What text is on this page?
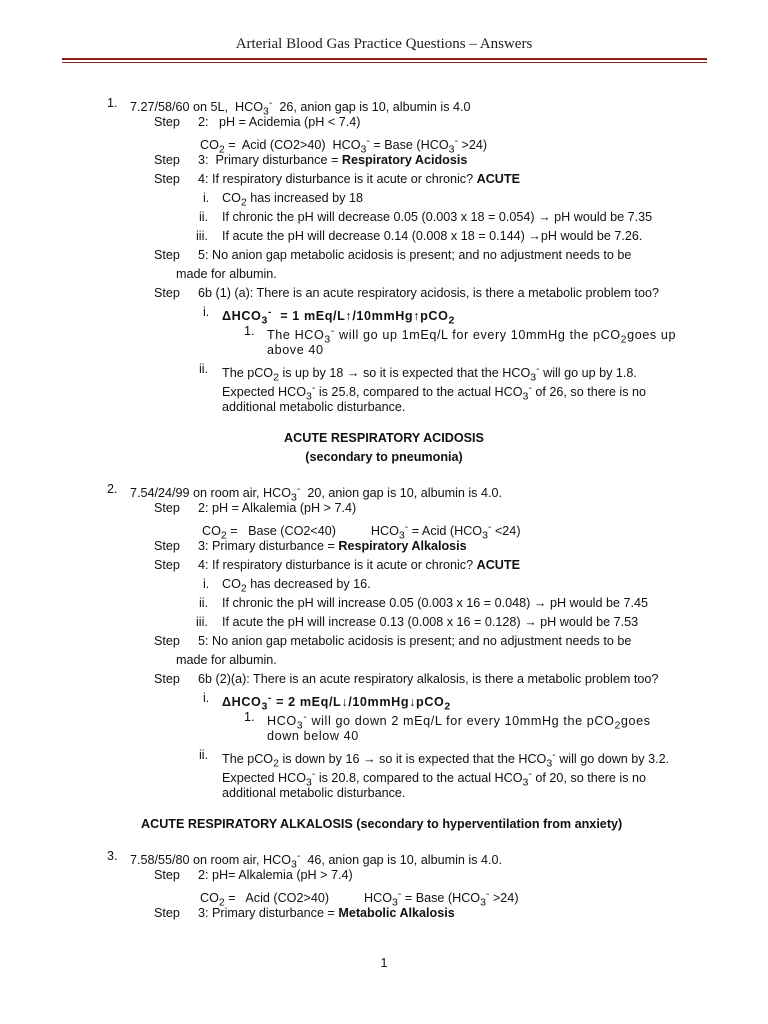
Arterial Blood Gas Practice Questions – Answers
1. 7.27/58/60 on 5L,  $HCO_3^-$  26, anion gap is 10, albumin is 4.0
Step 2:   pH = Acidemia (pH < 7.4)
$CO_2$ =  Acid (CO2>40)  $HCO_3^-$ = Base $(HCO_3^- >24)$
Step 3:  Primary disturbance = Respiratory Acidosis
Step 4: If respiratory disturbance is it acute or chronic? ACUTE
i. $CO_2$ has increased by 18
ii. If chronic the pH will decrease 0.05 (0.003 x 18 = 0.054) → pH would be 7.35
iii. If acute the pH will decrease 0.14 (0.008 x 18 = 0.144) →pH would be 7.26.
Step 5: No anion gap metabolic acidosis is present; and no adjustment needs to be
made for albumin.
Step 6b (1) (a): There is an acute respiratory acidosis, is there a metabolic problem too?
i. $\Delta HCO_3^- = 1$ mEq/L↑/10mmHg↑pCO$_2$
1. The $HCO_3^-$ will go up 1mEq/L for every 10mmHg the pCO$_2$goes up
above 40
ii. The pCO$_2$ is up by 18 → so it is expected that the $HCO_3^-$ will go up by 1.8.
Expected $HCO_3^-$ is 25.8, compared to the actual $HCO_3^-$ of 26, so there is no
additional metabolic disturbance.
ACUTE RESPIRATORY ACIDOSIS
(secondary to pneumonia)
2. 7.54/24/99 on room air, $HCO_3^-$  20, anion gap is 10, albumin is 4.0.
Step 2: pH = Alkalemia (pH > 7.4)
$CO_2$ =   Base (CO2<40)          $HCO_3^-$ = Acid $(HCO_3^- <24)$
Step 3: Primary disturbance = Respiratory Alkalosis
Step 4: If respiratory disturbance is it acute or chronic? ACUTE
i. $CO_2$ has decreased by 16.
ii. If chronic the pH will increase 0.05 (0.003 x 16 = 0.048) → pH would be 7.45
iii. If acute the pH will increase 0.13 (0.008 x 16 = 0.128) → pH would be 7.53
Step 5: No anion gap metabolic acidosis is present; and no adjustment needs to be
made for albumin.
Step 6b (2)(a): There is an acute respiratory alkalosis, is there a metabolic problem too?
i. $\Delta HCO_3^- = 2$ mEq/L↓/10mmHg↓pCO$_2$
1. $HCO_3^-$ will go down 2 mEq/L for every 10mmHg the pCO$_2$goes
down below 40
ii. The pCO$_2$ is down by 16 → so it is expected that the $HCO_3^-$ will go down by 3.2.
Expected $HCO_3^-$ is 20.8, compared to the actual $HCO_3^-$ of 20, so there is no
additional metabolic disturbance.
ACUTE RESPIRATORY ALKALOSIS (secondary to hyperventilation from anxiety)
3. 7.58/55/80 on room air, $HCO_3^-$  46, anion gap is 10, albumin is 4.0.
Step 2: pH= Alkalemia (pH > 7.4)
$CO_2$ =   Acid (CO2>40)          $HCO_3^-$ = Base $(HCO_3^- >24)$
Step 3: Primary disturbance = Metabolic Alkalosis
1
